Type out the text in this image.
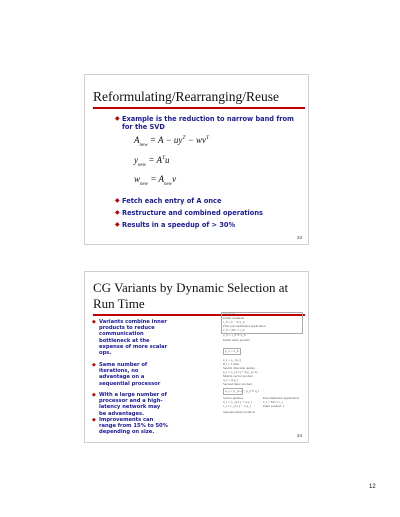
Reformulating/Rearranging/Reuse
◆ Example is the reduction to narrow band from for the SVD
$A_{new} = A - uy^T - wv^T$
$y_{new} = A^Tu$
$w_{new} = A_{new}v$
◆ Fetch each entry of A once
◆ Restructure and combined operations
◆ Results in a speedup of > 30%
23
CG Variants by Dynamic Selection at Run Time
◆ Variants combine inner products to reduce communication bottleneck at the expense of more scalar ops.
◆ Same number of iterations, no advantage on a sequential processor
◆ With a large number of processor and a high-latency network may be advantages.
◆ Improvements can range from 15% to 50% depending on size.
Classical
Initial residuals
r_0 = b − A x_0
First preconditioner application
z_0 = M^-1 r_0
ρ_0 = r_0^T z_0
Initial inner product
p_1 = z_0
ρ_i = ρ_{i-1}
If i > 1 then
Search direction update
p_i = z_{i-1} + β p_{i-1}
Matrix-vector product
q_i = A p_i
Second inner product
α_i = ρ_{i-1} / p_i^T q_i
Vector updates
x_i = x_{i-1} + α p_i
r_i = r_{i-1} − α q_i
Preconditioner application
z_i = M^-1 r_i
Inner product 1
Separate inner products
24
12
